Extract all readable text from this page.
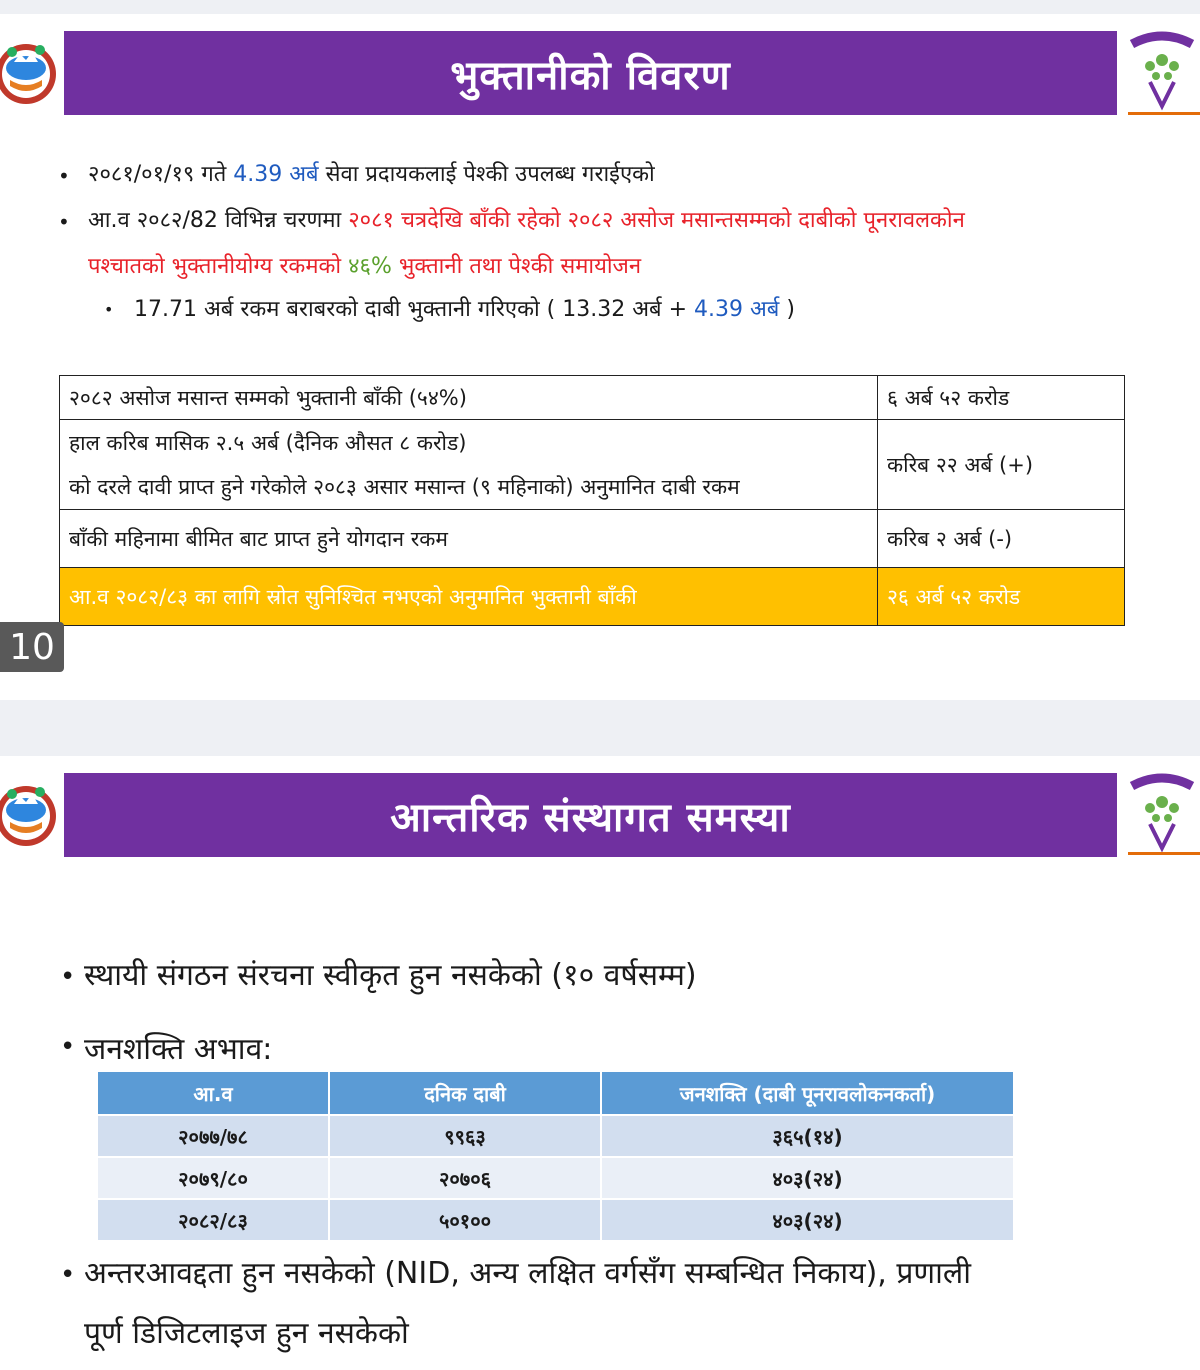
भुक्तानीको विवरण
• २०८१/०१/१९ गते 4.39 अर्ब सेवा प्रदायकलाई पेश्की उपलब्ध गराईएको
• आ.व २०८२/82 विभिन्न चरणमा २०८१ चत्रदेखि बाँकी रहेको २०८२ असोज मसान्तसम्मको दाबीको पूनरावलकोन
पश्चातको भुक्तानीयोग्य रकमको ४६% भुक्तानी तथा पेश्की समायोजन
• 17.71 अर्ब रकम बराबरको दाबी भुक्तानी गरिएको ( 13.32 अर्ब + 4.39 अर्ब )
२०८२ असोज मसान्त सम्मको भुक्तानी बाँकी (५४%)	६ अर्ब ५२ करोड

हाल करिब मासिक २.५ अर्ब (दैनिक औसत ८ करोड)
को दरले दावी प्राप्त हुने गरेकोले २०८३ असार मसान्त (९ महिनाको) अनुमानित दाबी रकम	करिब २२ अर्ब (+)
बाँकी महिनामा बीमित बाट प्राप्त हुने योगदान रकम	करिब २ अर्ब (-)
आ.व २०८२/८३ का लागि स्रोत सुनिश्चित नभएको अनुमानित भुक्तानी बाँकी	२६ अर्ब ५२ करोड
10
आन्तरिक संस्थागत समस्या
• स्थायी संगठन संरचना स्वीकृत हुन नसकेको (१० वर्षसम्म)
• जनशक्ति अभाव:
आ.व	दनिक दाबी	जनशक्ति (दाबी पूनरावलोकनकर्ता)
२०७७/७८	९९६३	३६५(१४)
२०७९/८०	२०७०६	४०३(२४)
२०८२/८३	५०१००	४०३(२४)
• अन्तरआवद्दता हुन नसकेको (NID, अन्य लक्षित वर्गसँग सम्बन्धित निकाय), प्रणाली
पूर्ण डिजिटलाइज हुन नसकेको
